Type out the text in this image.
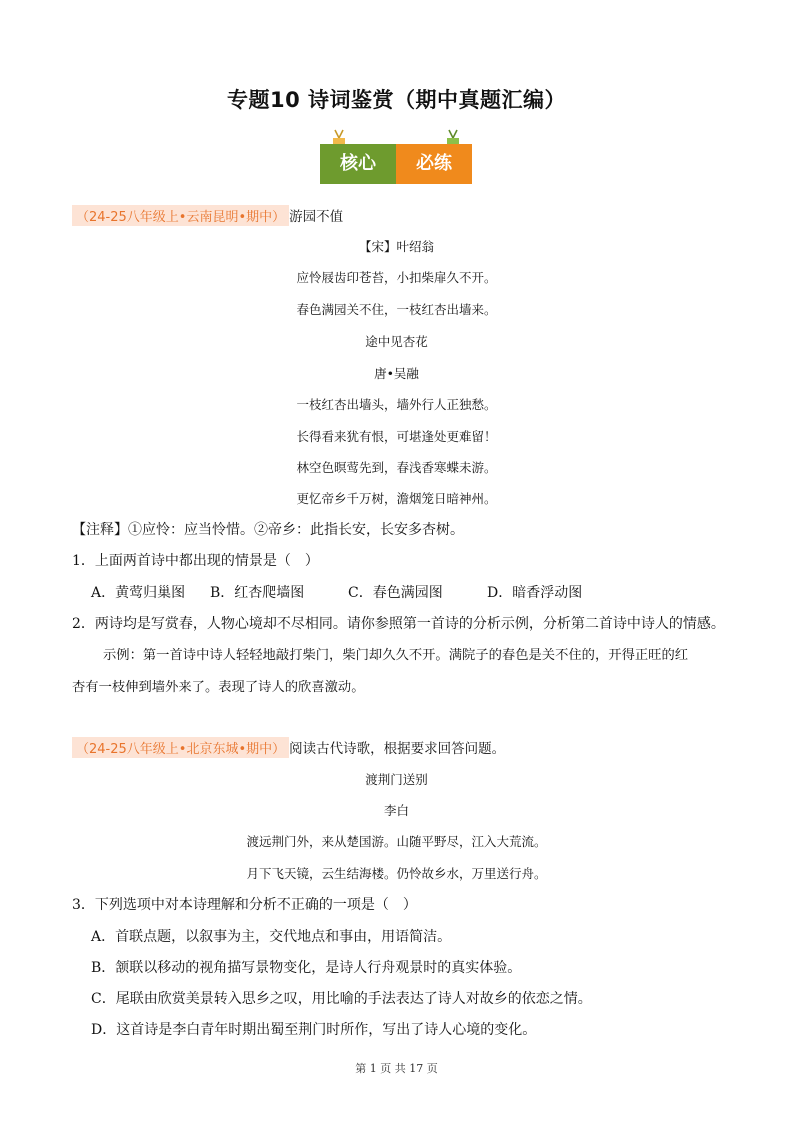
专题10 诗词鉴赏（期中真题汇编）
核心	必练
（24-25八年级上•云南昆明•期中） 游园不值
【宋】叶绍翁
应怜屐齿印苍苔，小扣柴扉久不开。
春色满园关不住，一枝红杏出墙来。
途中见杏花
唐•吴融
一枝红杏出墙头，墙外行人正独愁。
长得看来犹有恨，可堪逢处更难留！
林空色暝莺先到，春浅香寒蝶未游。
更忆帝乡千万树，澹烟笼日暗神州。
【注释】①应怜：应当怜惜。②帝乡：此指长安，长安多杏树。
1．上面两首诗中都出现的情景是（　）
A．黄莺归巢图 B．红杏爬墙图	C．春色满园图	D．暗香浮动图
2．两诗均是写赏春，人物心境却不尽相同。请你参照第一首诗的分析示例，分析第二首诗中诗人的情感。
示例：第一首诗中诗人轻轻地敲打柴门，柴门却久久不开。满院子的春色是关不住的，开得正旺的红
杏有一枝伸到墙外来了。表现了诗人的欣喜激动。
（24-25八年级上•北京东城•期中） 阅读古代诗歌，根据要求回答问题。
渡荆门送别
李白
渡远荆门外，来从楚国游。山随平野尽，江入大荒流。
月下飞天镜，云生结海楼。仍怜故乡水，万里送行舟。
3．下列选项中对本诗理解和分析不正确的一项是（　）
A．首联点题，以叙事为主，交代地点和事由，用语简洁。
B．颔联以移动的视角描写景物变化，是诗人行舟观景时的真实体验。
C．尾联由欣赏美景转入思乡之叹，用比喻的手法表达了诗人对故乡的依恋之情。
D．这首诗是李白青年时期出蜀至荆门时所作，写出了诗人心境的变化。
第 1 页 共 17 页
